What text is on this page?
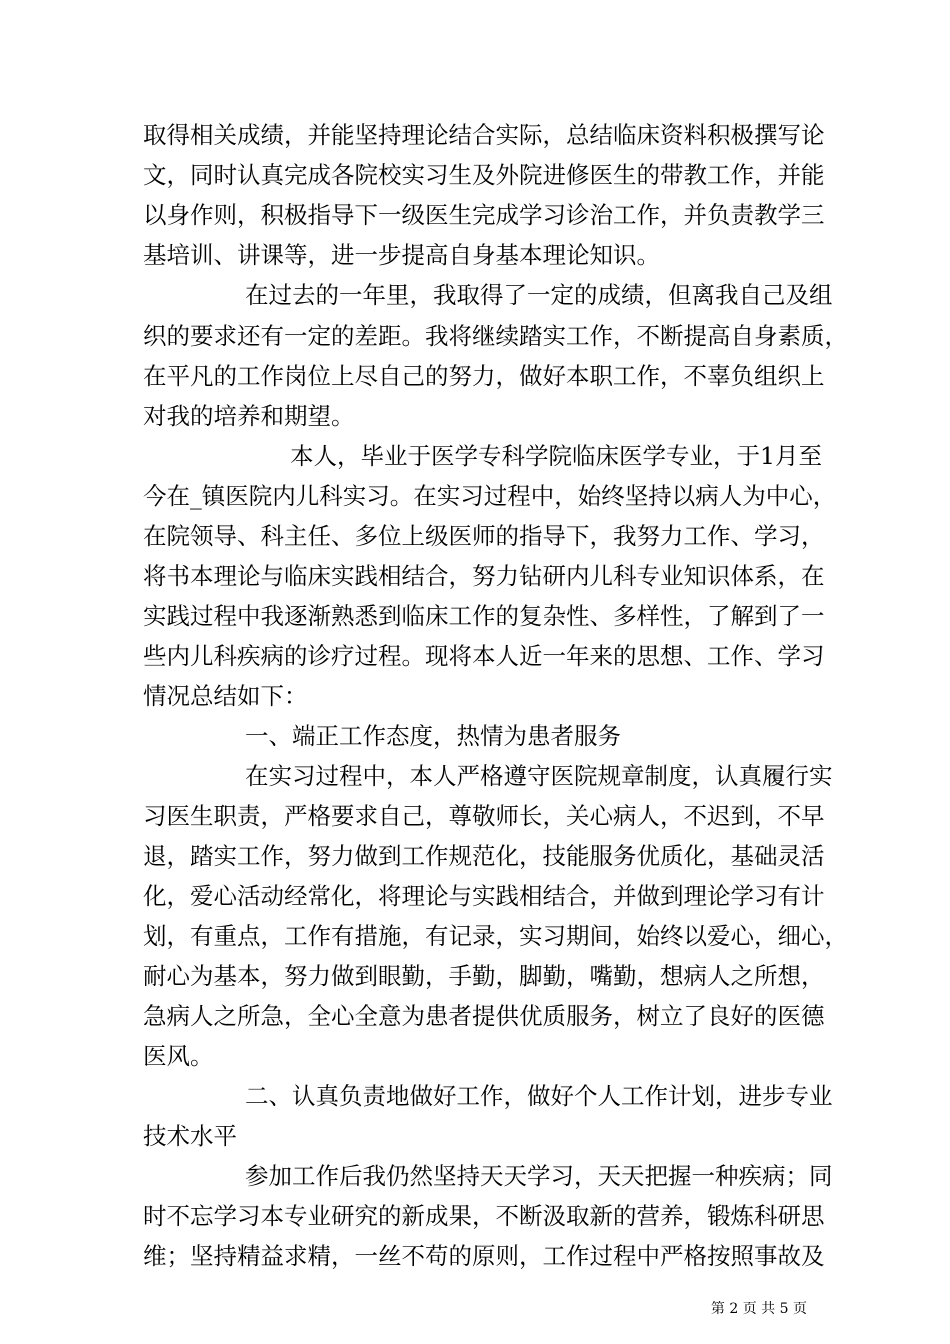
取得相关成绩，并能坚持理论结合实际，总结临床资料积极撰写论
文，同时认真完成各院校实习生及外院进修医生的带教工作，并能
以身作则，积极指导下一级医生完成学习诊治工作，并负责教学三
基培训、讲课等，进一步提高自身基本理论知识。
在过去的一年里，我取得了一定的成绩，但离我自己及组
织的要求还有一定的差距。我将继续踏实工作，不断提高自身素质，
在平凡的工作岗位上尽自己的努力，做好本职工作，不辜负组织上
对我的培养和期望。
本人，毕业于医学专科学院临床医学专业，于1月至
今在_镇医院内儿科实习。在实习过程中，始终坚持以病人为中心，
在院领导、科主任、多位上级医师的指导下，我努力工作、学习，
将书本理论与临床实践相结合，努力钻研内儿科专业知识体系，在
实践过程中我逐渐熟悉到临床工作的复杂性、多样性，了解到了一
些内儿科疾病的诊疗过程。现将本人近一年来的思想、工作、学习
情况总结如下：
一、端正工作态度，热情为患者服务
在实习过程中，本人严格遵守医院规章制度，认真履行实
习医生职责，严格要求自己，尊敬师长，关心病人，不迟到，不早
退，踏实工作，努力做到工作规范化，技能服务优质化，基础灵活
化，爱心活动经常化，将理论与实践相结合，并做到理论学习有计
划，有重点，工作有措施，有记录，实习期间，始终以爱心，细心，
耐心为基本，努力做到眼勤，手勤，脚勤，嘴勤，想病人之所想，
急病人之所急，全心全意为患者提供优质服务，树立了良好的医德
医风。
二、认真负责地做好工作，做好个人工作计划，进步专业
技术水平
参加工作后我仍然坚持天天学习，天天把握一种疾病；同
时不忘学习本专业研究的新成果，不断汲取新的营养，锻炼科研思
维；坚持精益求精，一丝不苟的原则，工作过程中严格按照事故及
第 2 页 共 5 页
